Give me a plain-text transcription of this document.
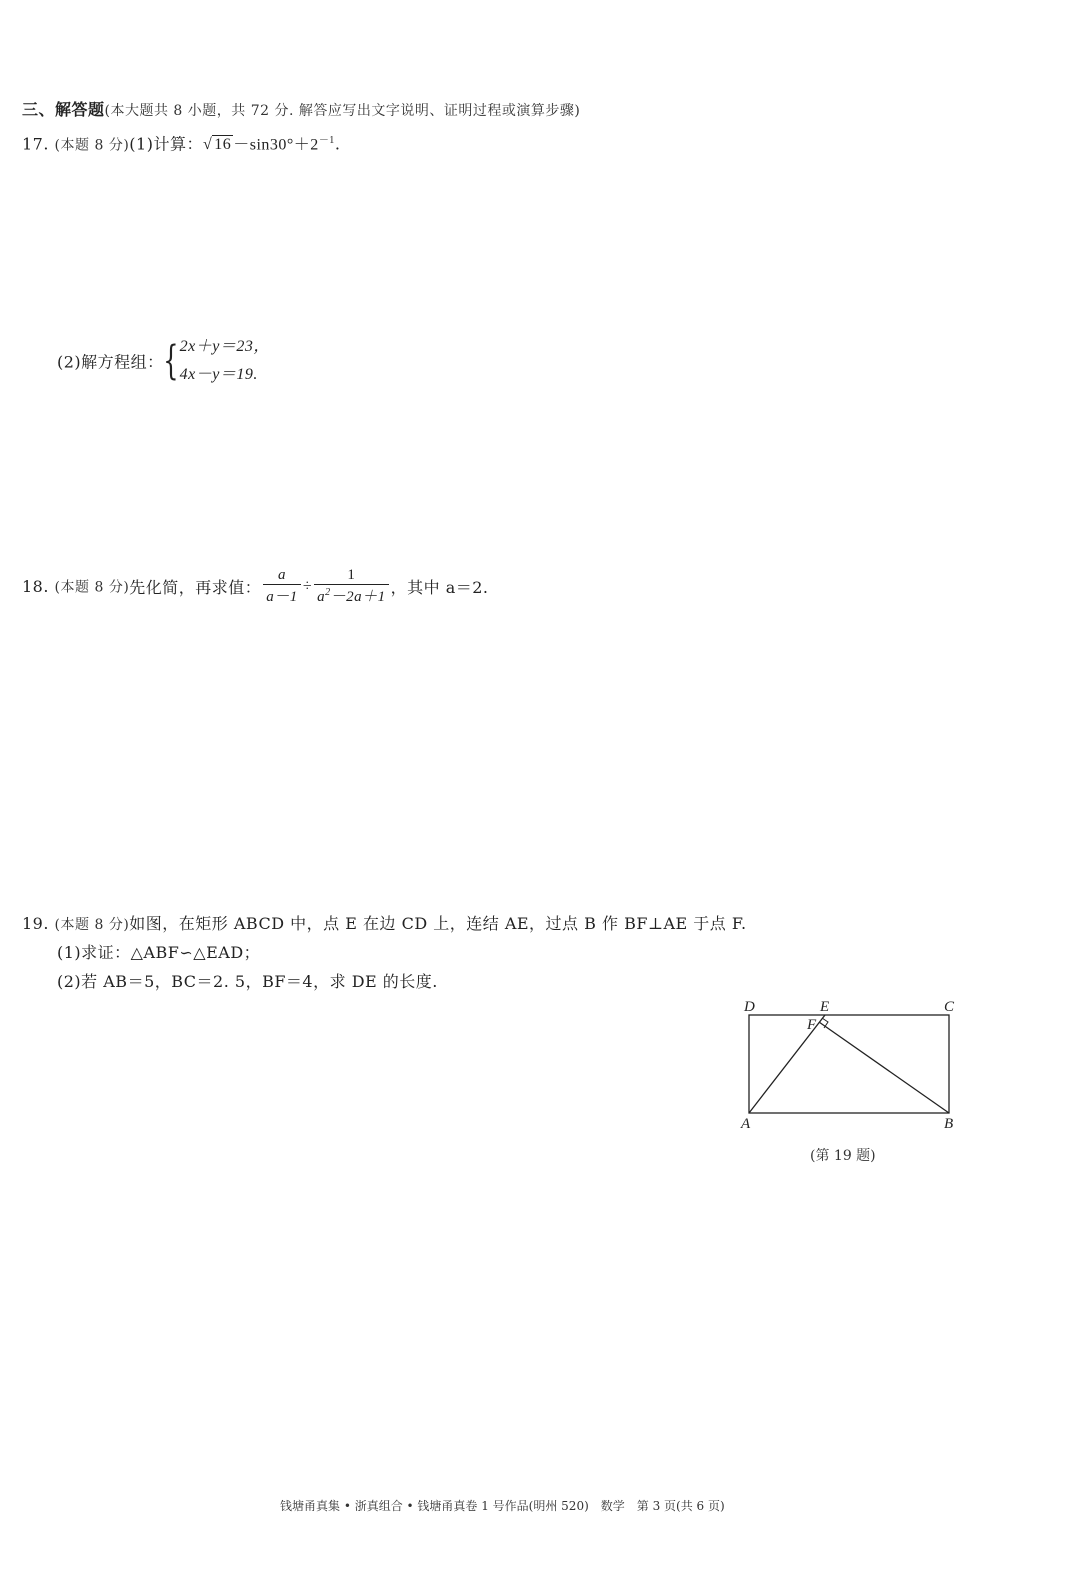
三、解答题(本大题共 8 小题，共 72 分. 解答应写出文字说明、证明过程或演算步骤)
17. (本题 8 分)(1)计算：√ $16 -\sin 30^\circ+2^{-1}$.
(2)解方程组：{ 2x＋y＝23，
4x－y＝19.
18. (本题 8 分)先化简，再求值： $\frac{a}{a-1} \div \frac{1}{a^2-2a+1}$ ，其中 a＝2.
19. (本题 8 分)如图，在矩形 ABCD 中，点 E 在边 CD 上，连结 AE，过点 B 作 BF⊥AE 于点 F.
(1)求证：△ABF∽△EAD；
(2)若 AB＝5，BC＝2. 5，BF＝4，求 DE 的长度.
D	E	C
F
A	B
(第 19 题)
钱塘甬真集 • 浙真组合 • 钱塘甬真卷 1 号作品(明州 520)　数学　第 3 页(共 6 页)
